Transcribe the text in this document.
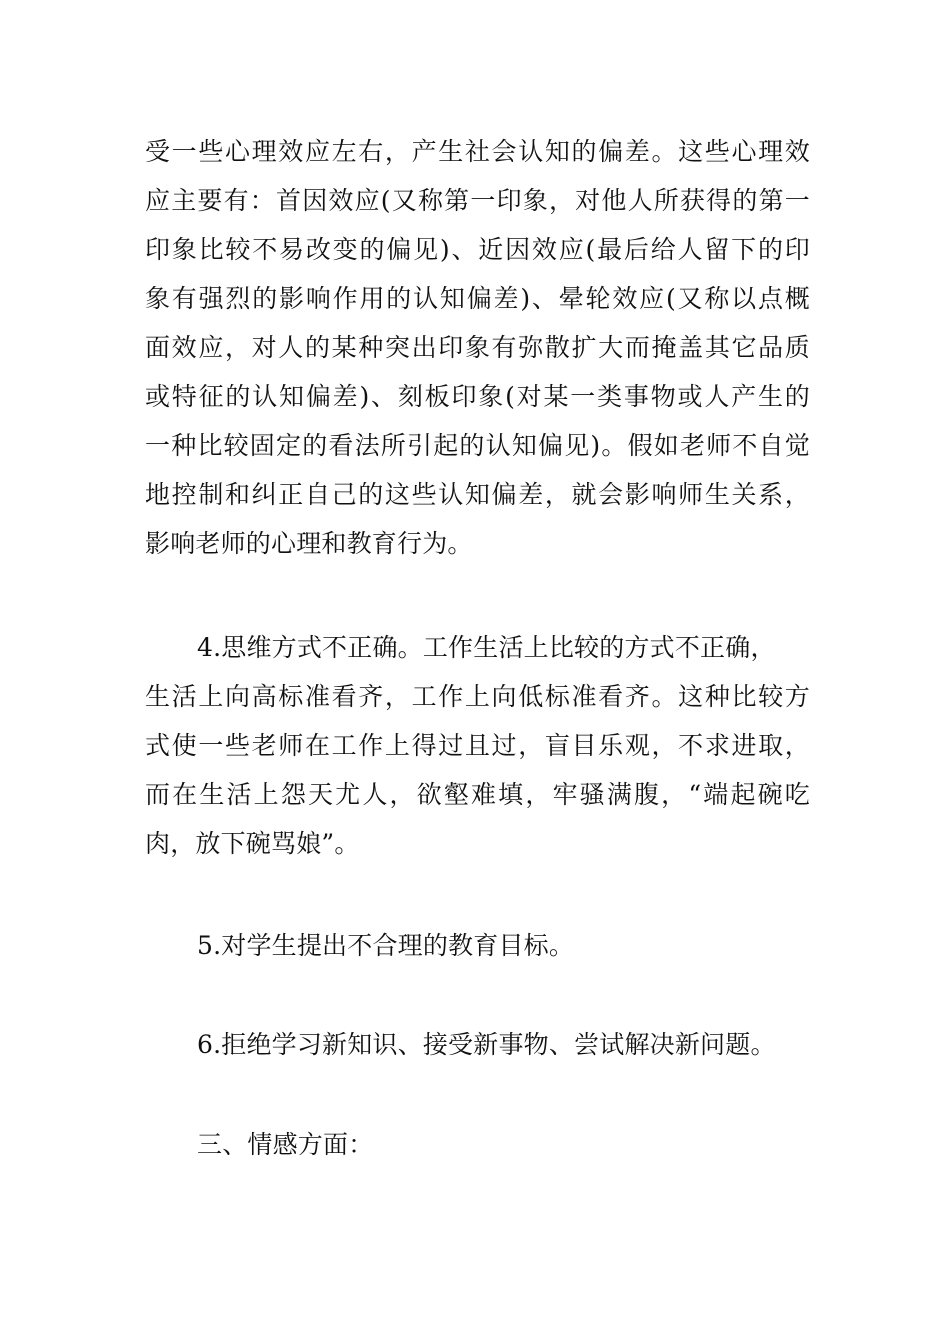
受一些心理效应左右，产生社会认知的偏差。这些心理效
应主要有：首因效应(又称第一印象，对他人所获得的第一
印象比较不易改变的偏见)、近因效应(最后给人留下的印
象有强烈的影响作用的认知偏差)、晕轮效应(又称以点概
面效应，对人的某种突出印象有弥散扩大而掩盖其它品质
或特征的认知偏差)、刻板印象(对某一类事物或人产生的
一种比较固定的看法所引起的认知偏见)。假如老师不自觉
地控制和纠正自己的这些认知偏差，就会影响师生关系，
影响老师的心理和教育行为。
4.思维方式不正确。工作生活上比较的方式不正确，
生活上向高标准看齐，工作上向低标准看齐。这种比较方
式使一些老师在工作上得过且过，盲目乐观，不求进取，
而在生活上怨天尤人，欲壑难填，牢骚满腹，“端起碗吃
肉，放下碗骂娘”。
5.对学生提出不合理的教育目标。
6.拒绝学习新知识、接受新事物、尝试解决新问题。
三、情感方面：
